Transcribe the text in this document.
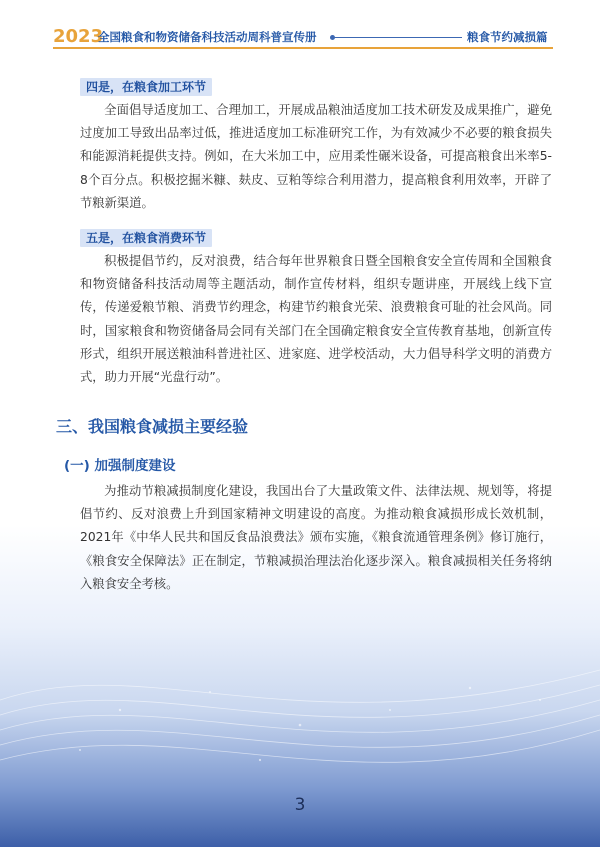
2023
全国粮食和物资储备科技活动周科普宣传册	粮食节约减损篇
四是，在粮食加工环节
全面倡导适度加工、合理加工，开展成品粮油适度加工技术研发及成果推广，避免过度加工导致出品率过低，推进适度加工标准研究工作，为有效减少不必要的粮食损失和能源消耗提供支持。例如，在大米加工中，应用柔性碾米设备，可提高粮食出米率5-8个百分点。积极挖掘米糠、麸皮、豆粕等综合利用潜力，提高粮食利用效率，开辟了节粮新渠道。
五是，在粮食消费环节
积极提倡节约，反对浪费，结合每年世界粮食日暨全国粮食安全宣传周和全国粮食和物资储备科技活动周等主题活动，制作宣传材料，组织专题讲座，开展线上线下宣传，传递爱粮节粮、消费节约理念，构建节约粮食光荣、浪费粮食可耻的社会风尚。同时，国家粮食和物资储备局会同有关部门在全国确定粮食安全宣传教育基地，创新宣传形式，组织开展送粮油科普进社区、进家庭、进学校活动，大力倡导科学文明的消费方式，助力开展“光盘行动”。
三、我国粮食减损主要经验
(一) 加强制度建设
为推动节粮减损制度化建设，我国出台了大量政策文件、法律法规、规划等，将提倡节约、反对浪费上升到国家精神文明建设的高度。为推动粮食减损形成长效机制，2021年《中华人民共和国反食品浪费法》颁布实施，《粮食流通管理条例》修订施行，《粮食安全保障法》正在制定，节粮减损治理法治化逐步深入。粮食减损相关任务将纳入粮食安全考核。
3
